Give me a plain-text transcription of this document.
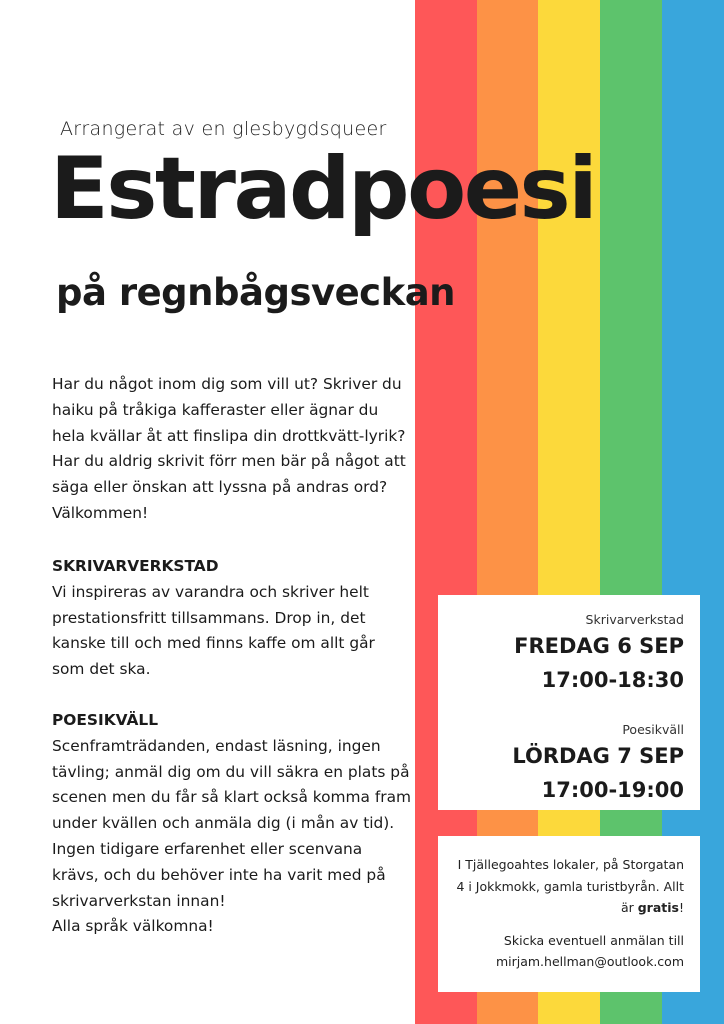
Arrangerat av en glesbygdsqueer
Estradpoesi
på regnbågsveckan

Har du något inom dig som vill ut? Skriver du haiku på tråkiga kafferaster eller ägnar du hela kvällar åt att finslipa din drottkvätt-lyrik? Har du aldrig skrivit förr men bär på något att säga eller önskan att lyssna på andras ord? Välkommen!

SKRIVARVERKSTAD
Vi inspireras av varandra och skriver helt prestationsfritt tillsammans. Drop in, det kanske till och med finns kaffe om allt går som det ska.
POESIKVÄLL
Scenframträdanden, endast läsning, ingen tävling; anmäl dig om du vill säkra en plats på scenen men du får så klart också komma fram under kvällen och anmäla dig (i mån av tid). Ingen tidigare erfarenhet eller scenvana krävs, och du behöver inte ha varit med på skrivarverkstan innan!
Alla språk välkomna!
Skrivarverkstad
FREDAG 6 SEP
17:00-18:30
Poesikväll
LÖRDAG 7 SEP
17:00-19:00

I Tjällegoahtes lokaler, på Storgatan 4 i Jokkmokk, gamla turistbyrån. Allt är gratis!

Skicka eventuell anmälan till

mirjam.hellman@outlook.com
